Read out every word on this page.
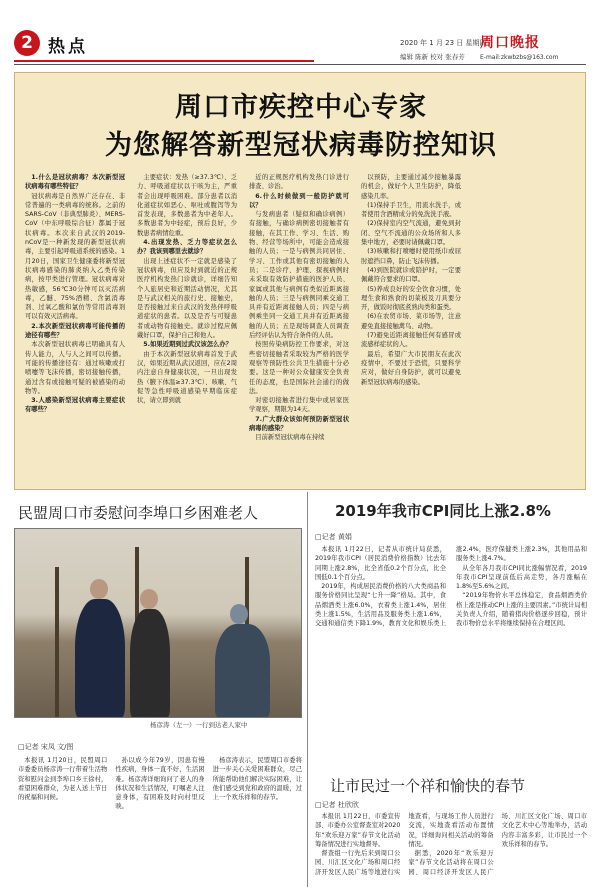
2 热点	2020 年 1 月 23 日 星期四
周口晚报
编辑 陈新 校对 张春芳	E-mail:zkwbzbs@163.com
周口市疾控中心专家
为您解答新型冠状病毒防控知识

1.什么是冠状病毒？本次新型冠状病毒有哪些特征？

冠状病毒是自然界广泛存在、非常普遍的一类病毒的统称。之前的SARS-CoV（非典型肺炎）、MERS-CoV（中东呼吸综合征）都属于冠状病毒。本次来自武汉的2019-nCoV是一种新发现的新型冠状病毒，主要引起呼吸道系统的感染。1月20日，国家卫生健康委将新型冠状病毒感染的肺炎纳入乙类传染病，按甲类进行管理。冠状病毒对热敏感，56℃30分钟可以灭活病毒，乙醚、75%酒精、含氯消毒剂、过氧乙酸和氯仿等常用消毒剂可以有效灭活病毒。

2.本次新型冠状病毒可能传播的途径有哪些？

本次新型冠状病毒已明确具有人传人能力，人与人之间可以传播。可能的传播途径有：通过咳嗽或打喷嚏等飞沫传播，密切接触传播，通过含有或接触可疑的被感染的动物等。

3.人感染新型冠状病毒主要症状有哪些？

主要症状：发热（≥37.3℃）、乏力、呼吸道症状以干咳为主，严重者会出现呼吸困难。部分患者以消化道症状如恶心、呕吐或腹泻等为首发表现，多数患者为中老年人。多数患者为中轻症，预后良好，少数患者病情危重。

4.出现发热、乏力等症状怎么办？我该到哪里去就诊？

出现上述症状不一定就是感染了冠状病毒，但应及时到就近的正规医疗机构发热门诊就诊，详细告知个人旅居史和近期活动情况，尤其是与武汉相关的旅行史、接触史，是否接触过来自武汉的发热伴呼吸道症状的患者。以及是否与可疑患者或动物有接触史。就诊过程应佩戴好口罩，保护自己和他人。

5.如果近期到过武汉该怎么办？

由于本次新型冠状病毒首发于武汉，如果近期从武汉返回，应在2周内注意自身健康状况，一旦出现发热（腋下体温≥37.3℃）、咳嗽、气促等急性呼吸道感染早期临床症状，请立即到就

近的正规医疗机构发热门诊进行排查、诊治。

6.什么时候做到一般防护就可以？

与发病患者（疑似和确诊病例）有接触，与确诊病例密切接触者有接触，在其工作、学习、生活、购物、经营等场所中，可能会造成接触的人员；一是与病例共同居住、学习、工作或其他有密切接触的人员；二是诊疗、护理、探视病例时未采取有效防护措施的医护人员、家属或其他与病例有类似近距离接触的人员；三是与病例同乘交通工具并有近距离接触人员；四是与病例乘坐同一交通工具并有近距离接触的人员；五是现场调查人员调查后经评估认为符合条件的人员。

按照传染病防控工作要求，对这些密切接触者采取较为严格的医学观察等预防性公共卫生措施十分必要。这是一种对公众健康安全负责任的态度，也是国际社会通行的做法。

对密切接触者进行集中或居家医学观察，期限为14天。

7.广大群众该如何预防新型冠状病毒的感染？

目前新型冠状病毒在持续

以预防，主要通过减少接触暴露的机会，做好个人卫生防护，降低感染几率。

(1)保持手卫生，用流水洗手，或者使用含酒精成分的免洗洗手液。

(2)保持室内空气流通，避免到封闭、空气不流通的公众场所和人多集中地方，必要时请佩戴口罩。

(3)咳嗽和打喷嚏时使用纸巾或屈肘遮挡口鼻，防止飞沫传播。

(4)到医院就诊或陪护时，一定要佩戴符合要求的口罩。

(5)养成良好的安全饮食习惯，处理生食和熟食的切菜板及刀具要分开，做饭时彻底煮熟肉类和蛋类。

(6)在农贸市场、菜市场等，注意避免直接接触禽鸟、动物。

(7)避免近距离接触任何有感冒或流感样症状的人。

最后，希望广大市民朋友在此次疫情中，不要过于恐慌，只要科学应对，做好自身防护，就可以避免新型冠状病毒的感染。

民盟周口市委慰问李埠口乡困难老人
杨彦涛（左一）一行到达老人家中
□记者 宋凤 文/图

本报讯 1月20日，民盟周口市委委员杨彦涛一行带着生活物资和慰问金到李埠口乡王徐村，看望困难群众，为老人送上节日的祝福和问候。

孙以成今年79岁，因患有慢性疾病，身体一直不好，生活困难。杨彦涛详细询问了老人的身体状况和生活情况，叮嘱老人注意身体，有困难及时向村里反映。

杨彦涛表示，民盟周口市委将进一步关心关爱困难群众，尽己所能帮助他们解决实际困难，让他们感受到党和政府的温暖，过上一个欢乐祥和的春节。

2019年我市CPI同比上涨2.8%
□记者 黄娟

本报讯 1月22日，记者从市统计局获悉，2019年我市CPI（居民消费价格指数）比去年同期上涨2.8%，比全省低0.2个百分点，比全国低0.1个百分点。

2019年，构成居民消费价格的八大类商品和服务价格同比呈现“七升一降”格局。其中，食品烟酒类上涨6.0%，衣着类上涨1.4%，居住类上涨1.5%，生活用品及服务类上涨1.6%，交通和通信类下降1.9%，教育文化和娱乐类上涨2.4%，医疗保健类上涨2.3%，其他用品和服务类上涨4.7%。

从全年各月我市CPI同比涨幅情况看，2019年我市CPI呈现前低后高走势，各月涨幅在1.8%至5.6%之间。

“2019年物价水平总体稳定，食品烟酒类价格上涨是推动CPI上涨的主要因素。”市统计局相关负责人介绍，随着猪肉价格逐步回稳，预计我市物价总水平将继续保持在合理区间。

让市民过一个祥和愉快的春节
□记者 杜欣欣

本报讯 1月22日，市委宣传部、市委办公室督查室对2020年“欢乐迎万家”春节文化活动筹备情况进行实地督导。

督查组一行先后来到周口公园、川汇区文化广场和周口经济开发区人民广场等地进行实地查看，与现场工作人员进行交流，实地查看活动布置情况，详细询问相关活动的筹备情况。

据悉，2020年“欢乐迎万家”春节文化活动将在周口公园、周口经济开发区人民广场、川汇区文化广场、周口市文化艺术中心等地举办，活动内容丰富多彩，让市民过一个欢乐祥和的春节。
